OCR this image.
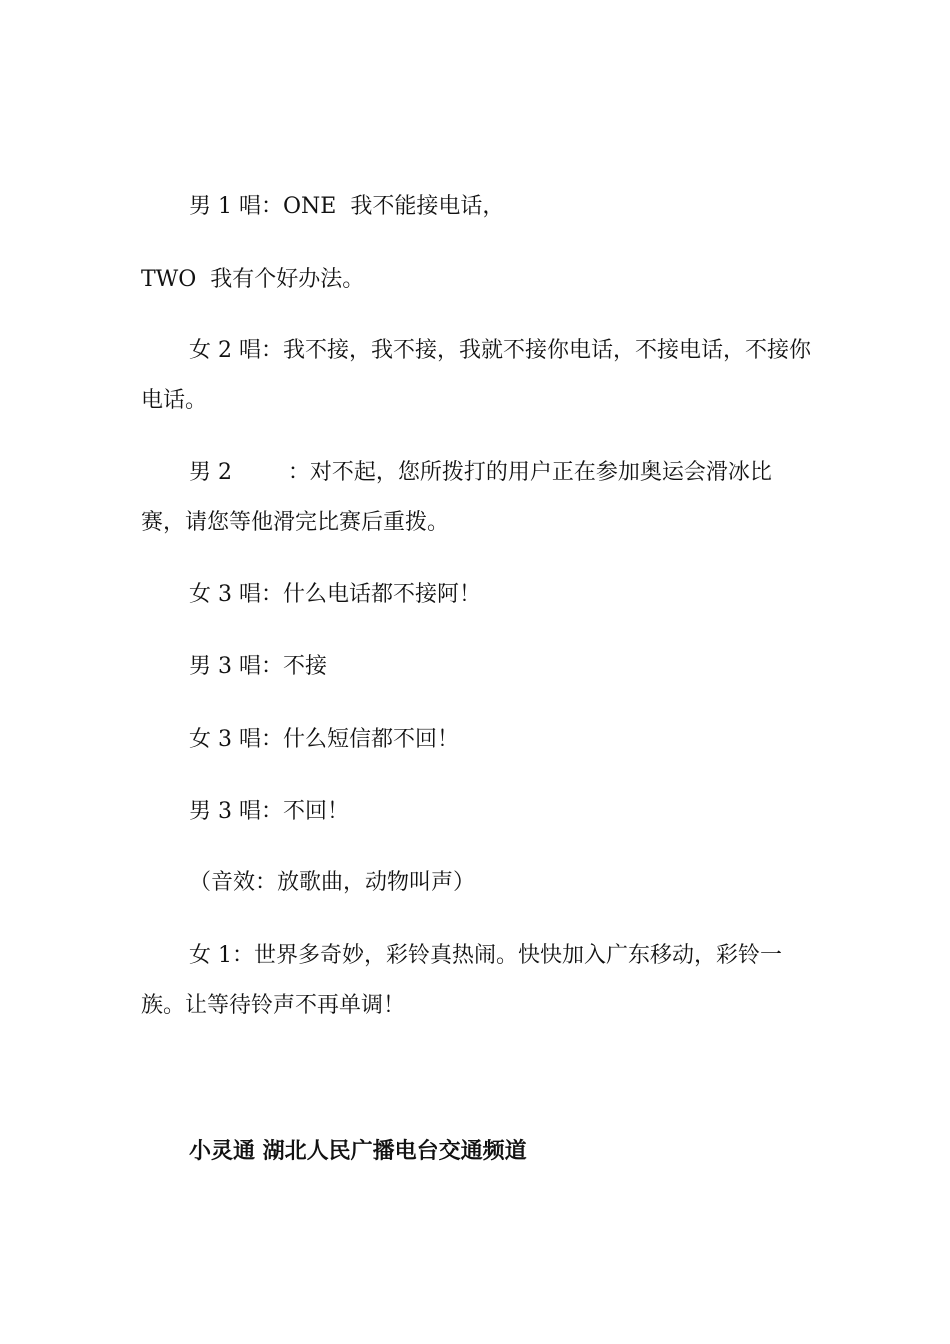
男 1 唱：ONE  我不能接电话，

TWO  我有个好办法。

女 2 唱：我不接，我不接，我就不接你电话，不接电话，不接你电话。

男 2        ：对不起，您所拨打的用户正在参加奥运会滑冰比赛，请您等他滑完比赛后重拨。

女 3 唱：什么电话都不接阿！

男 3 唱：不接

女 3 唱：什么短信都不回！

男 3 唱：不回！

（音效：放歌曲，动物叫声）

女 1：世界多奇妙，彩铃真热闹。快快加入广东移动，彩铃一族。让等待铃声不再单调！

小灵通 湖北人民广播电台交通频道
